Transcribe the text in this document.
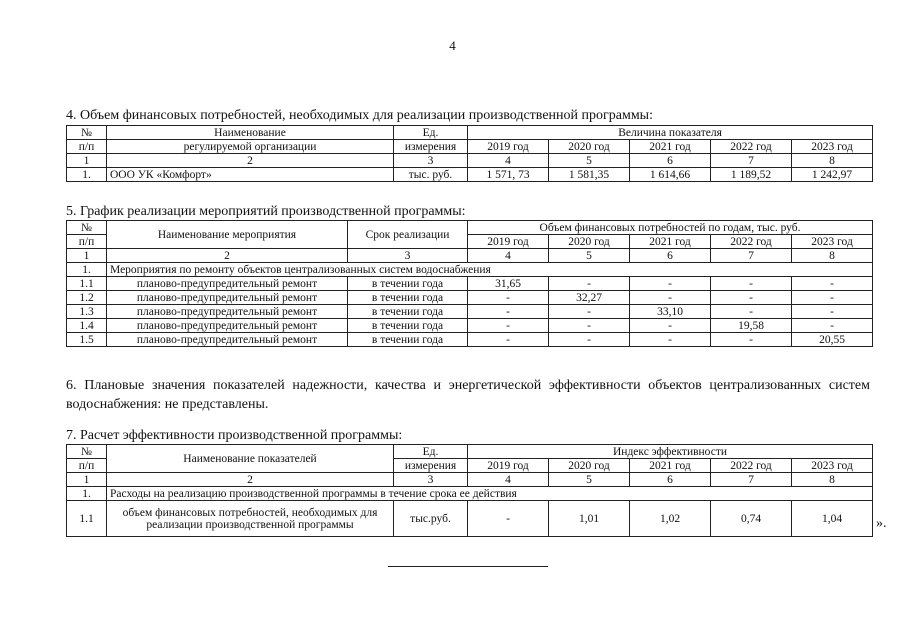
4
4. Объем финансовых потребностей, необходимых для реализации производственной программы:
№	Наименование	Ед.	Величина показателя				
п/п	регулируемой организации	измерения	2019 год	2020 год	2021 год	2022 год	2023 год
1	2	3	4	5	6	7	8
1.	ООО УК «Комфорт»	тыс. руб.	1 571, 73	1 581,35	1 614,66	1 189,52	1 242,97
5. График реализации мероприятий производственной программы:
№	Наименование мероприятия	Срок реализации	Объем финансовых потребностей по годам, тыс. руб.				
п/п			2019 год	2020 год	2021 год	2022 год	2023 год
1	2	3	4	5	6	7	8
1.	Мероприятия по ремонту объектов централизованных систем водоснабжения						
1.1	планово-предупредительный ремонт	в течении года	31,65	-	-	-	-
1.2	планово-предупредительный ремонт	в течении года	-	32,27	-	-	-
1.3	планово-предупредительный ремонт	в течении года	-	-	33,10	-	-
1.4	планово-предупредительный ремонт	в течении года	-	-	-	19,58	-
1.5	планово-предупредительный ремонт	в течении года	-	-	-	-	20,55
6. Плановые значения показателей надежности, качества и энергетической эффективности объектов централизованных систем водоснабжения: не представлены.
7. Расчет эффективности производственной программы:
№	Наименование показателей	Ед.	Индекс эффективности				
п/п		измерения	2019 год	2020 год	2021 год	2022 год	2023 год
1	2	3	4	5	6	7	8
1.	Расходы на реализацию производственной программы в течение срока ее действия						
1.1	объем финансовых потребностей, необходимых для реализации производственной программы	тыс.руб.	-	1,01	1,02	0,74	1,04 ».
